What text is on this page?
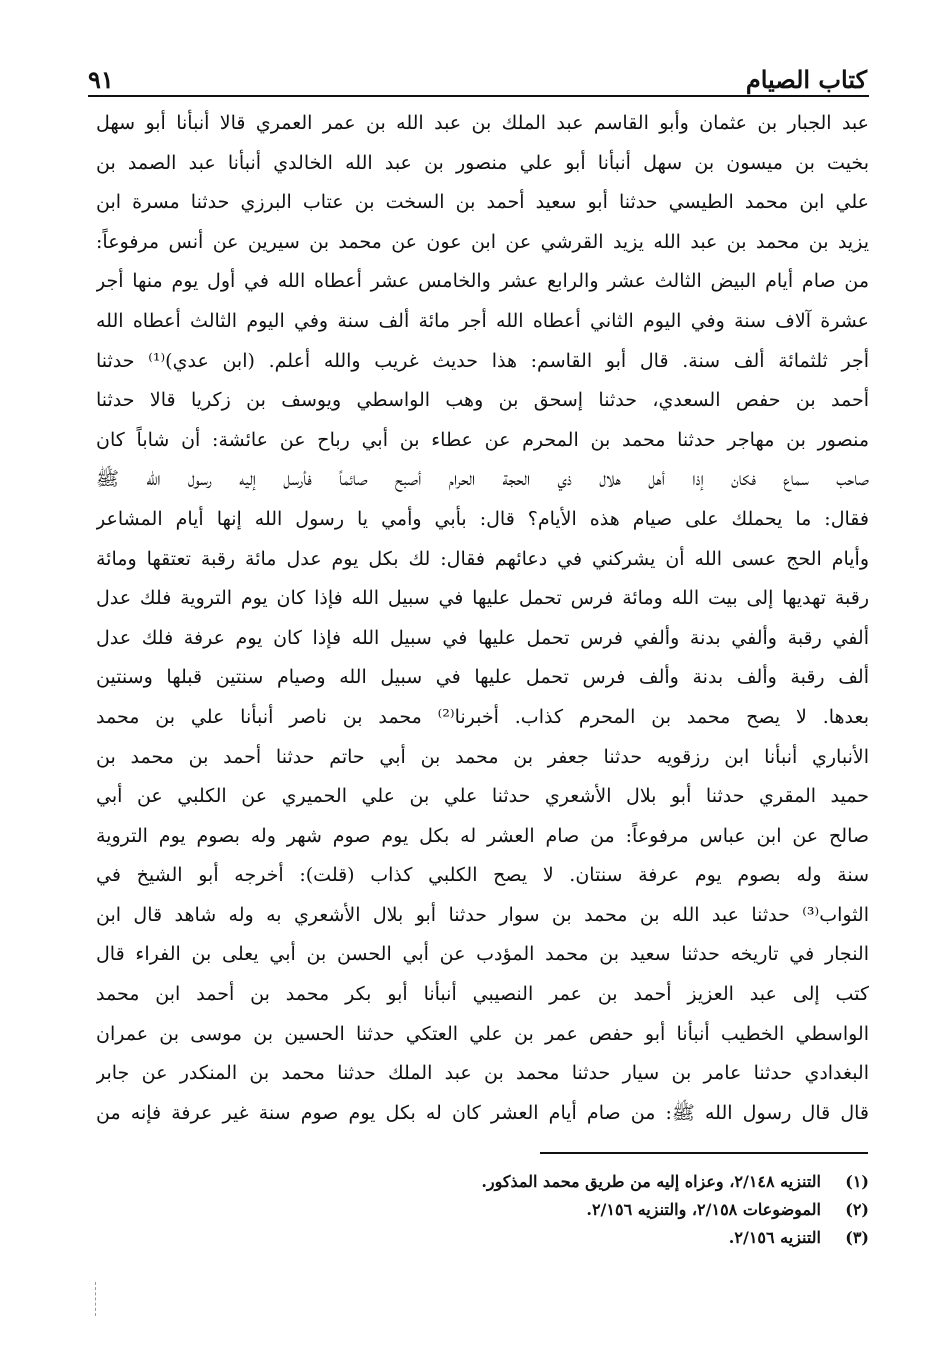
كتاب الصيام
٩١
عبد الجبار بن عثمان وأبو القاسم عبد الملك بن عبد الله بن عمر العمري قالا أنبأنا أبو سهل
بخيت بن ميسون بن سهل أنبأنا أبو علي منصور بن عبد الله الخالدي أنبأنا عبد الصمد بن
علي ابن محمد الطيسي حدثنا أبو سعيد أحمد بن السخت بن عتاب البرزي حدثنا مسرة ابن
يزيد بن محمد بن عبد الله يزيد القرشي عن ابن عون عن محمد بن سيرين عن أنس مرفوعاً:
من صام أيام البيض الثالث عشر والرابع عشر والخامس عشر أعطاه الله في أول يوم منها أجر
عشرة آلاف سنة وفي اليوم الثاني أعطاه الله أجر مائة ألف سنة وفي اليوم الثالث أعطاه الله
أجر ثلثمائة ألف سنة. قال أبو القاسم: هذا حديث غريب والله أعلم. (ابن عدي)⁽¹⁾ حدثنا
أحمد بن حفص السعدي، حدثنا إسحق بن وهب الواسطي ويوسف بن زكريا قالا حدثنا
منصور بن مهاجر حدثنا محمد بن المحرم عن عطاء بن أبي رباح عن عائشة: أن شاباً كان
صاحب سماع فكان إذا أهل هلال ذي الحجة الحرام أصبح صائماً فأرسل إليه رسول الله ﷺ
فقال: ما يحملك على صيام هذه الأيام؟ قال: بأبي وأمي يا رسول الله إنها أيام المشاعر
وأيام الحج عسى الله أن يشركني في دعائهم فقال: لك بكل يوم عدل مائة رقبة تعتقها ومائة
رقبة تهديها إلى بيت الله ومائة فرس تحمل عليها في سبيل الله فإذا كان يوم التروية فلك عدل
ألفي رقبة وألفي بدنة وألفي فرس تحمل عليها في سبيل الله فإذا كان يوم عرفة فلك عدل
ألف رقبة وألف بدنة وألف فرس تحمل عليها في سبيل الله وصيام سنتين قبلها وسنتين
بعدها. لا يصح محمد بن المحرم كذاب. أخبرنا⁽²⁾ محمد بن ناصر أنبأنا علي بن محمد
الأنباري أنبأنا ابن رزقويه حدثنا جعفر بن محمد بن أبي حاتم حدثنا أحمد بن محمد بن
حميد المقري حدثنا أبو بلال الأشعري حدثنا علي بن علي الحميري عن الكلبي عن أبي
صالح عن ابن عباس مرفوعاً: من صام العشر له بكل يوم صوم شهر وله بصوم يوم التروية
سنة وله بصوم يوم عرفة سنتان. لا يصح الكلبي كذاب (قلت): أخرجه أبو الشيخ في
الثواب⁽³⁾ حدثنا عبد الله بن محمد بن سوار حدثنا أبو بلال الأشعري به وله شاهد قال ابن
النجار في تاريخه حدثنا سعيد بن محمد المؤدب عن أبي الحسن بن أبي يعلى بن الفراء قال
كتب إلى عبد العزيز أحمد بن عمر النصيبي أنبأنا أبو بكر محمد بن أحمد ابن محمد
الواسطي الخطيب أنبأنا أبو حفص عمر بن علي العتكي حدثنا الحسين بن موسى بن عمران
البغدادي حدثنا عامر بن سيار حدثنا محمد بن عبد الملك حدثنا محمد بن المنكدر عن جابر
قال قال رسول الله ﷺ: من صام أيام العشر كان له بكل يوم صوم سنة غير عرفة فإنه من
(١)
التنزيه ٢/١٤٨، وعزاه إليه من طريق محمد المذكور.
(٢)
الموضوعات ٢/١٥٨، والتنزيه ٢/١٥٦.
(٣)
التنزيه ٢/١٥٦.
